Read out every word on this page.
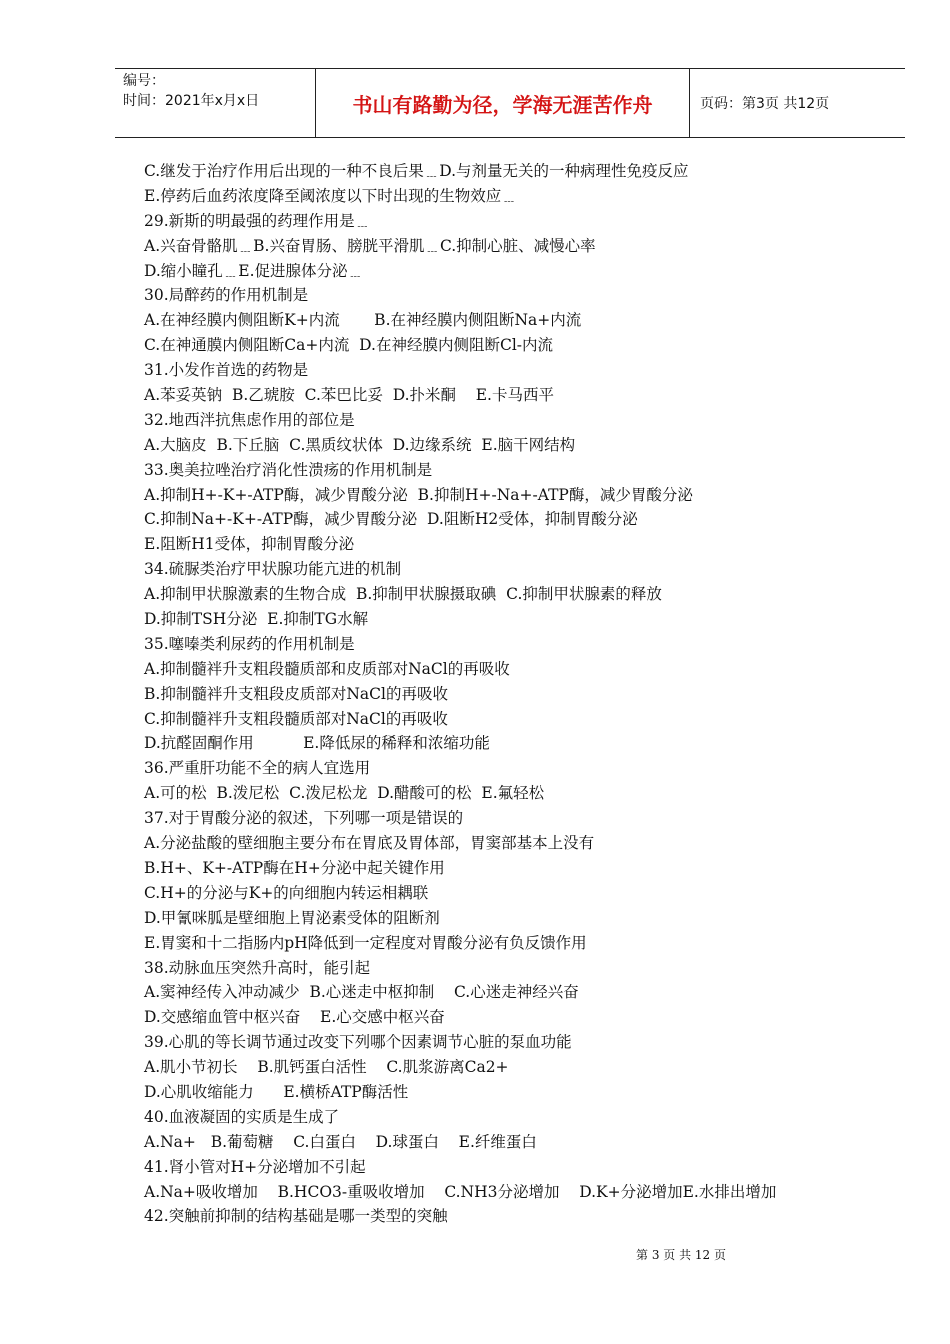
编号：
时间：2021年x月x日	书山有路勤为径，学海无涯苦作舟	页码：第3页 共12页
C.继发于治疗作用后出现的一种不良后果﹍D.与剂量无关的一种病理性免疫反应
E.停药后血药浓度降至阈浓度以下时出现的生物效应﹍
29.新斯的明最强的药理作用是﹍
A.兴奋骨骼肌﹍B.兴奋胃肠、膀胱平滑肌﹍C.抑制心脏、减慢心率
D.缩小瞳孔﹍E.促进腺体分泌﹍
30.局醉药的作用机制是
A.在神经膜内侧阻断K+内流       B.在神经膜内侧阻断Na+内流
C.在神通膜内侧阻断Ca+内流  D.在神经膜内侧阻断Cl-内流
31.小发作首选的药物是
A.苯妥英钠  B.乙琥胺  C.苯巴比妥  D.扑米酮    E.卡马西平
32.地西泮抗焦虑作用的部位是
A.大脑皮  B.下丘脑  C.黑质纹状体  D.边缘系统  E.脑干网结构
33.奥美拉唑治疗消化性溃疡的作用机制是
A.抑制H+-K+-ATP酶，减少胃酸分泌  B.抑制H+-Na+-ATP酶，减少胃酸分泌
C.抑制Na+-K+-ATP酶，减少胃酸分泌  D.阻断H2受体，抑制胃酸分泌
E.阻断H1受体，抑制胃酸分泌
34.硫脲类治疗甲状腺功能亢进的机制
A.抑制甲状腺激素的生物合成  B.抑制甲状腺摄取碘  C.抑制甲状腺素的释放
D.抑制TSH分泌  E.抑制TG水解
35.噻嗪类利尿药的作用机制是
A.抑制髓袢升支粗段髓质部和皮质部对NaCl的再吸收
B.抑制髓袢升支粗段皮质部对NaCl的再吸收
C.抑制髓袢升支粗段髓质部对NaCl的再吸收
D.抗醛固酮作用          E.降低尿的稀释和浓缩功能
36.严重肝功能不全的病人宜选用
A.可的松  B.泼尼松  C.泼尼松龙  D.醋酸可的松  E.氟轻松
37.对于胃酸分泌的叙述，下列哪一项是错误的
A.分泌盐酸的壁细胞主要分布在胃底及胃体部，胃窦部基本上没有
B.H+、K+-ATP酶在H+分泌中起关键作用
C.H+的分泌与K+的向细胞内转运相耦联
D.甲氰咪胍是壁细胞上胃泌素受体的阻断剂
E.胃窦和十二指肠内pH降低到一定程度对胃酸分泌有负反馈作用
38.动脉血压突然升高时，能引起
A.窦神经传入冲动减少  B.心迷走中枢抑制    C.心迷走神经兴奋
D.交感缩血管中枢兴奋    E.心交感中枢兴奋
39.心肌的等长调节通过改变下列哪个因素调节心脏的泵血功能
A.肌小节初长    B.肌钙蛋白活性    C.肌浆游离Ca2+
D.心肌收缩能力      E.横桥ATP酶活性
40.血液凝固的实质是生成了
A.Na+   B.葡萄糖    C.白蛋白    D.球蛋白    E.纤维蛋白
41.肾小管对H+分泌增加不引起
A.Na+吸收增加    B.HCO3-重吸收增加    C.NH3分泌增加    D.K+分泌增加E.水排出增加
42.突触前抑制的结构基础是哪一类型的突触
第 3 页 共 12 页
